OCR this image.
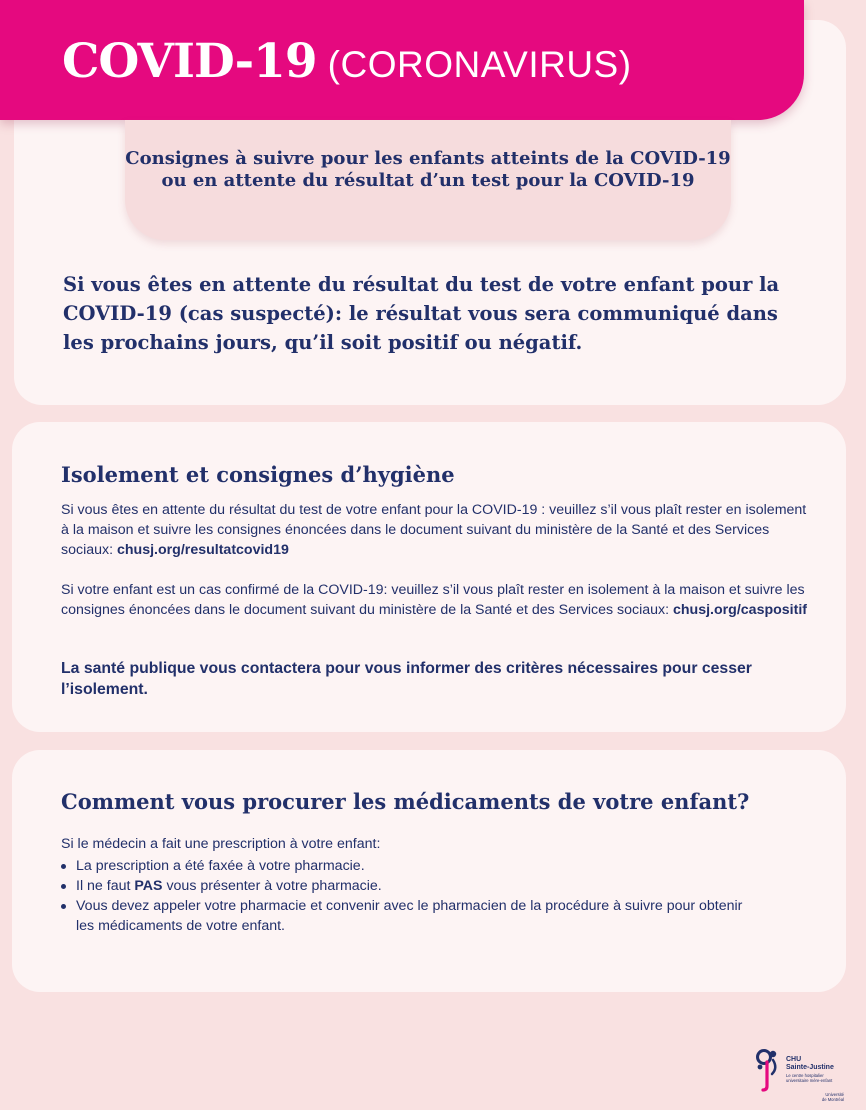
COVID-19 (CORONAVIRUS)

Consignes à suivre pour les enfants atteints de la COVID-19 ou en attente du résultat d’un test pour la COVID-19

Si vous êtes en attente du résultat du test de votre enfant pour la COVID-19 (cas suspecté): le résultat vous sera communiqué dans les prochains jours, qu’il soit positif ou négatif.

Isolement et consignes d’hygiène

Si vous êtes en attente du résultat du test de votre enfant pour la COVID-19 : veuillez s’il vous plaît rester en isolement à la maison et suivre les consignes énoncées dans le document suivant du ministère de la Santé et des Services sociaux: chusj.org/resultatcovid19

Si votre enfant est un cas confirmé de la COVID-19: veuillez s’il vous plaît rester en isolement à la maison et suivre les consignes énoncées dans le document suivant du ministère de la Santé et des Services sociaux: chusj.org/caspositif

La santé publique vous contactera pour vous informer des critères nécessaires pour cesser l’isolement.

Comment vous procurer les médicaments de votre enfant?

Si le médecin a fait une prescription à votre enfant:

La prescription a été faxée à votre pharmacie.
Il ne faut PAS vous présenter à votre pharmacie.
Vous devez appeler votre pharmacie et convenir avec le pharmacien de la procédure à suivre pour obtenir les médicaments de votre enfant.

CHU
Sainte-Justine

Le centre hospitalier
universitaire mère-enfant

Université
de Montréal
